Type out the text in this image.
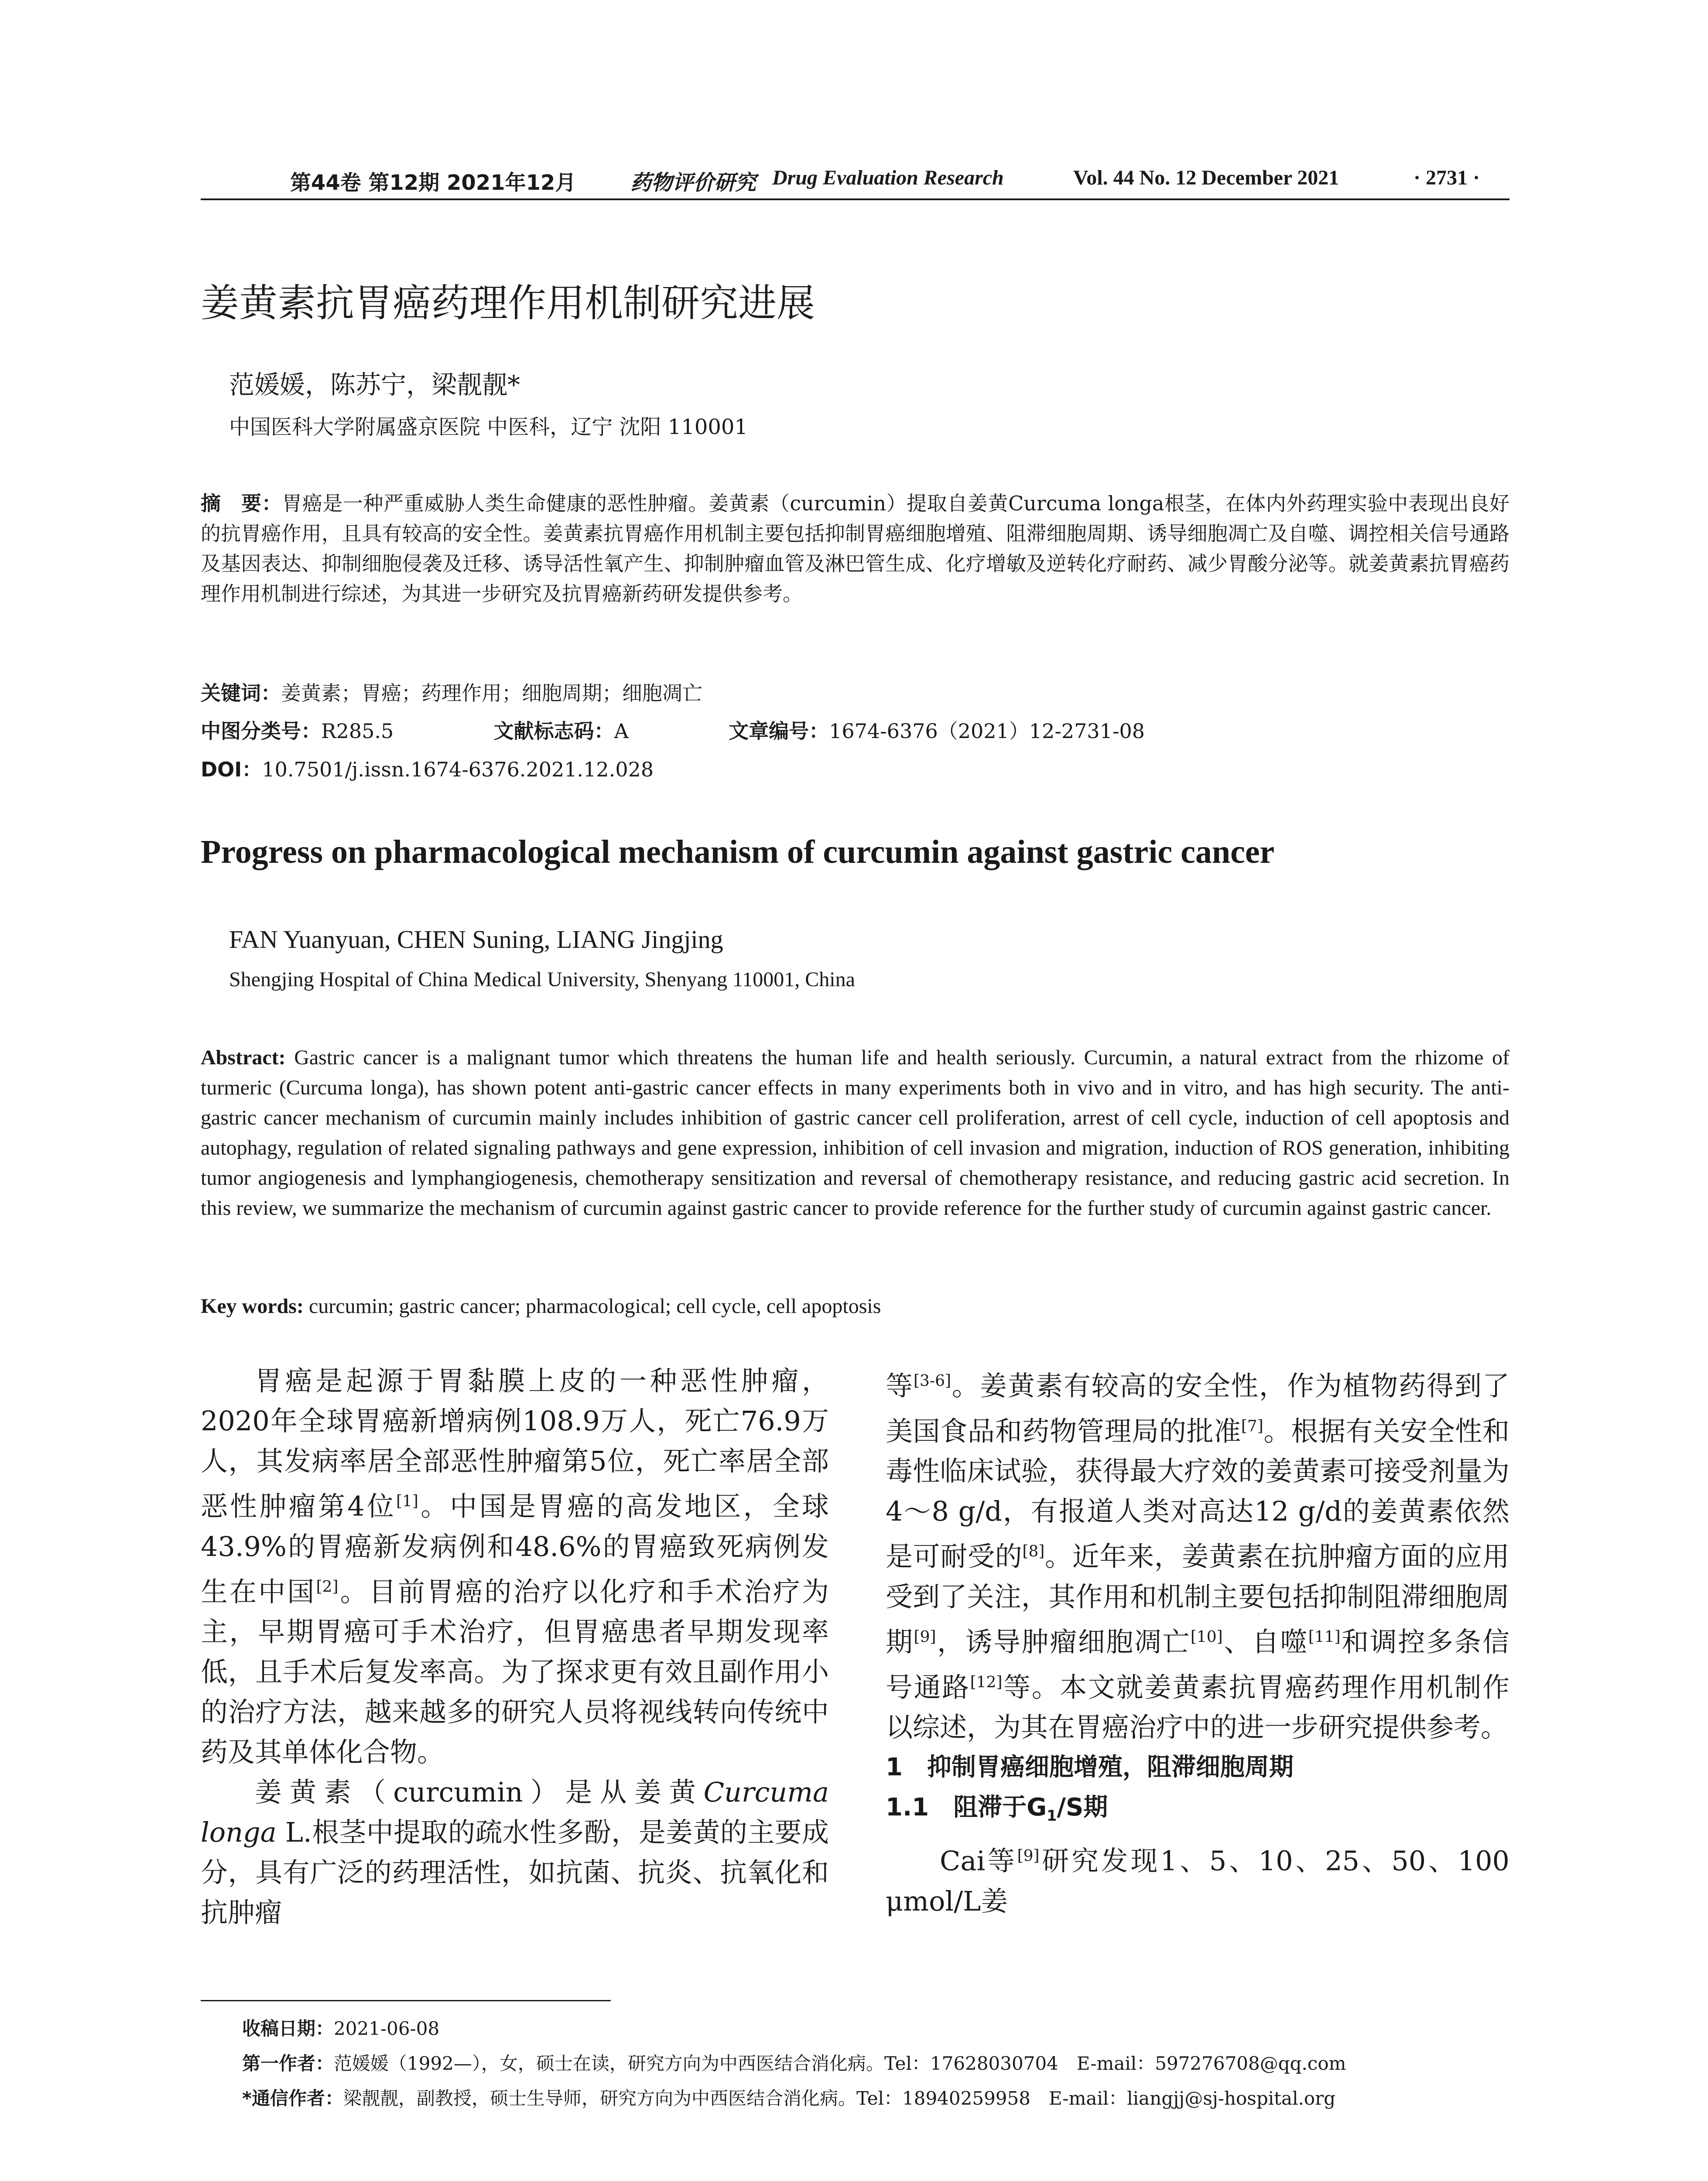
第44卷 第12期 2021年12月	药物评价研究 Drug Evaluation Research	Vol. 44 No. 12 December 2021	· 2731 ·
姜黄素抗胃癌药理作用机制研究进展
范媛媛，陈苏宁，梁靓靓*
中国医科大学附属盛京医院 中医科，辽宁 沈阳 110001
摘　要：胃癌是一种严重威胁人类生命健康的恶性肿瘤。姜黄素（curcumin）提取自姜黄Curcuma longa根茎，在体内外药理实验中表现出良好的抗胃癌作用，且具有较高的安全性。姜黄素抗胃癌作用机制主要包括抑制胃癌细胞增殖、阻滞细胞周期、诱导细胞凋亡及自噬、调控相关信号通路及基因表达、抑制细胞侵袭及迁移、诱导活性氧产生、抑制肿瘤血管及淋巴管生成、化疗增敏及逆转化疗耐药、减少胃酸分泌等。就姜黄素抗胃癌药理作用机制进行综述，为其进一步研究及抗胃癌新药研发提供参考。
关键词：姜黄素；胃癌；药理作用；细胞周期；细胞凋亡
中图分类号：R285.5	文献标志码：A	文章编号：1674-6376（2021）12-2731-08
DOI：10.7501/j.issn.1674-6376.2021.12.028
Progress on pharmacological mechanism of curcumin against gastric cancer
FAN Yuanyuan, CHEN Suning, LIANG Jingjing
Shengjing Hospital of China Medical University, Shenyang 110001, China
Abstract: Gastric cancer is a malignant tumor which threatens the human life and health seriously. Curcumin, a natural extract from the rhizome of turmeric (Curcuma longa), has shown potent anti-gastric cancer effects in many experiments both in vivo and in vitro, and has high security. The anti-gastric cancer mechanism of curcumin mainly includes inhibition of gastric cancer cell proliferation, arrest of cell cycle, induction of cell apoptosis and autophagy, regulation of related signaling pathways and gene expression, inhibition of cell invasion and migration, induction of ROS generation, inhibiting tumor angiogenesis and lymphangiogenesis, chemotherapy sensitization and reversal of chemotherapy resistance, and reducing gastric acid secretion. In this review, we summarize the mechanism of curcumin against gastric cancer to provide reference for the further study of curcumin against gastric cancer.
Key words: curcumin; gastric cancer; pharmacological; cell cycle, cell apoptosis

胃癌是起源于胃黏膜上皮的一种恶性肿瘤，2020年全球胃癌新增病例108.9万人，死亡76.9万人，其发病率居全部恶性肿瘤第5位，死亡率居全部恶性肿瘤第4位[1]。中国是胃癌的高发地区，全球43.9%的胃癌新发病例和48.6%的胃癌致死病例发生在中国[2]。目前胃癌的治疗以化疗和手术治疗为主，早期胃癌可手术治疗，但胃癌患者早期发现率低，且手术后复发率高。为了探求更有效且副作用小的治疗方法，越来越多的研究人员将视线转向传统中药及其单体化合物。

姜黄素（curcumin）是从姜黄Curcuma longa L.根茎中提取的疏水性多酚，是姜黄的主要成分，具有广泛的药理活性，如抗菌、抗炎、抗氧化和抗肿瘤

等[3-6]。姜黄素有较高的安全性，作为植物药得到了美国食品和药物管理局的批准[7]。根据有关安全性和毒性临床试验，获得最大疗效的姜黄素可接受剂量为4～8 g/d，有报道人类对高达12 g/d的姜黄素依然是可耐受的[8]。近年来，姜黄素在抗肿瘤方面的应用受到了关注，其作用和机制主要包括抑制阻滞细胞周期[9]，诱导肿瘤细胞凋亡[10]、自噬[11]和调控多条信号通路[12]等。本文就姜黄素抗胃癌药理作用机制作以综述，为其在胃癌治疗中的进一步研究提供参考。

1　抑制胃癌细胞增殖，阻滞细胞周期

1.1　阻滞于$G_1/S$期

Cai等[9]研究发现1、5、10、25、50、100 μmol/L姜

收稿日期：2021-06-08
第一作者：范媛媛（1992—），女，硕士在读，研究方向为中西医结合消化病。Tel：17628030704　E-mail：597276708@qq.com
*通信作者：梁靓靓，副教授，硕士生导师，研究方向为中西医结合消化病。Tel：18940259958　E-mail：liangjj@sj-hospital.org
